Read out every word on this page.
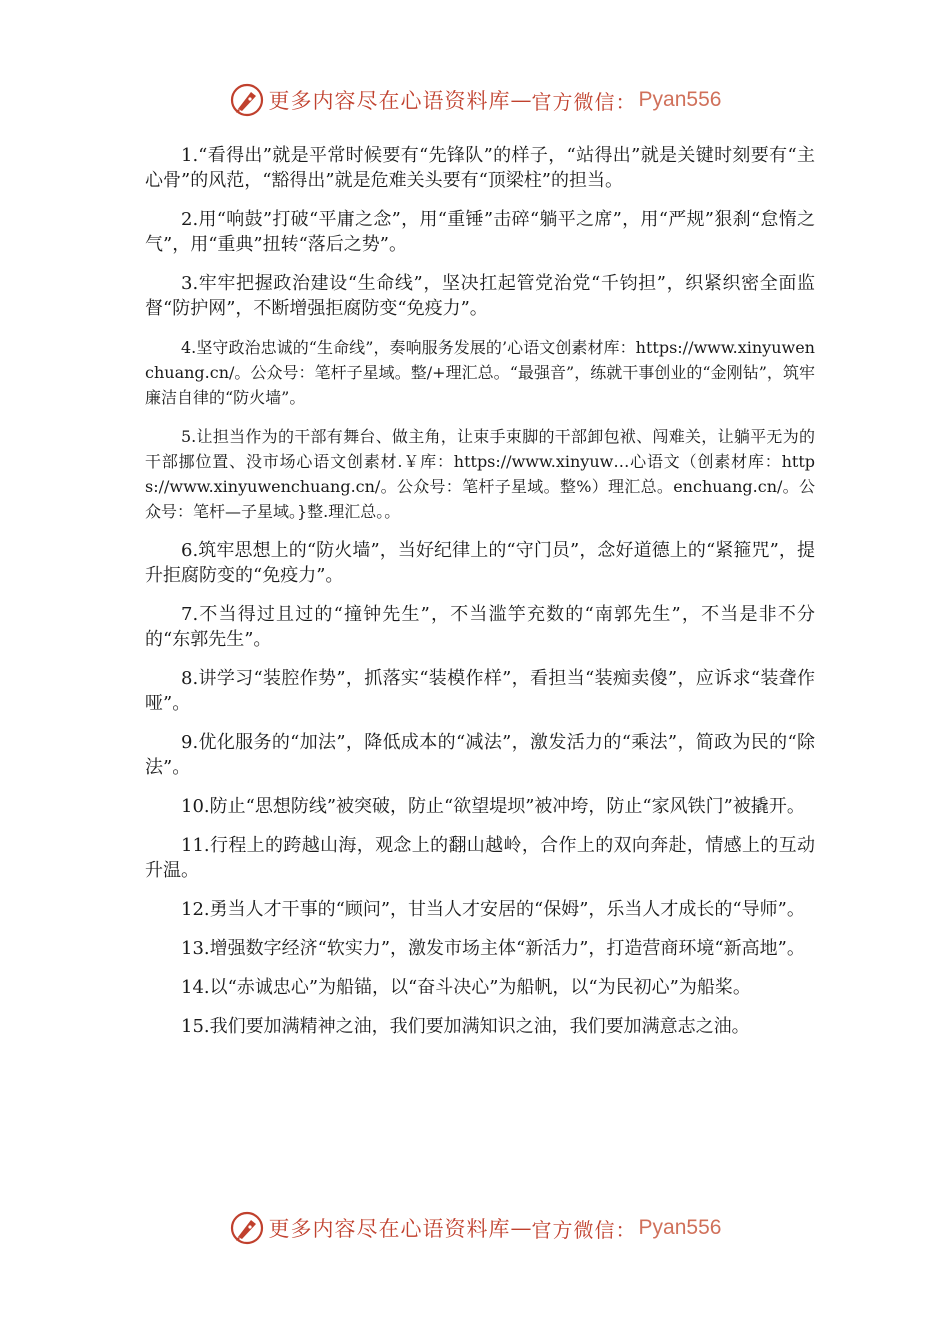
更多内容尽在心语资料库 — 官方微信： Pyan556

1.“看得出”就是平常时候要有“先锋队”的样子，“站得出”就是关键时刻要有“主心骨”的风范，“豁得出”就是危难关头要有“顶梁柱”的担当。

2.用“响鼓”打破“平庸之念”，用“重锤”击碎“躺平之席”，用“严规”狠刹“怠惰之气”，用“重典”扭转“落后之势”。

3.牢牢把握政治建设“生命线”，坚决扛起管党治党“千钧担”，织紧织密全面监督“防护网”，不断增强拒腐防变“免疫力”。

4.坚守政治忠诚的“生命线”，奏响服务发展的’心语文创素材库：https://www.xinyuwenchuang.cn/。公众号：笔杆子星域。整/+理汇总。“最强音”，练就干事创业的“金刚钻”，筑牢廉洁自律的“防火墙”。

5.让担当作为的干部有舞台、做主角，让束手束脚的干部卸包袱、闯难关，让躺平无为的干部挪位置、没市场心语文创素材.￥库：https://www.xinyuw…心语文（创素材库：https://www.xinyuwenchuang.cn/。公众号：笔杆子星域。整%）理汇总。enchuang.cn/。公众号：笔杆—子星域。}整.理汇总。。

6.筑牢思想上的“防火墙”，当好纪律上的“守门员”，念好道德上的“紧箍咒”，提升拒腐防变的“免疫力”。

7.不当得过且过的“撞钟先生”，不当滥竽充数的“南郭先生”，不当是非不分的“东郭先生”。

8.讲学习“装腔作势”，抓落实“装模作样”，看担当“装痴卖傻”，应诉求“装聋作哑”。

9.优化服务的“加法”，降低成本的“减法”，激发活力的“乘法”，简政为民的“除法”。

10.防止“思想防线”被突破，防止“欲望堤坝”被冲垮，防止“家风铁门”被撬开。

11.行程上的跨越山海，观念上的翻山越岭，合作上的双向奔赴，情感上的互动升温。

12.勇当人才干事的“顾问”，甘当人才安居的“保姆”，乐当人才成长的“导师”。

13.增强数字经济“软实力”，激发市场主体“新活力”，打造营商环境“新高地”。

14.以“赤诚忠心”为船锚，以“奋斗决心”为船帆，以“为民初心”为船桨。

15.我们要加满精神之油，我们要加满知识之油，我们要加满意志之油。

更多内容尽在心语资料库 — 官方微信： Pyan556
